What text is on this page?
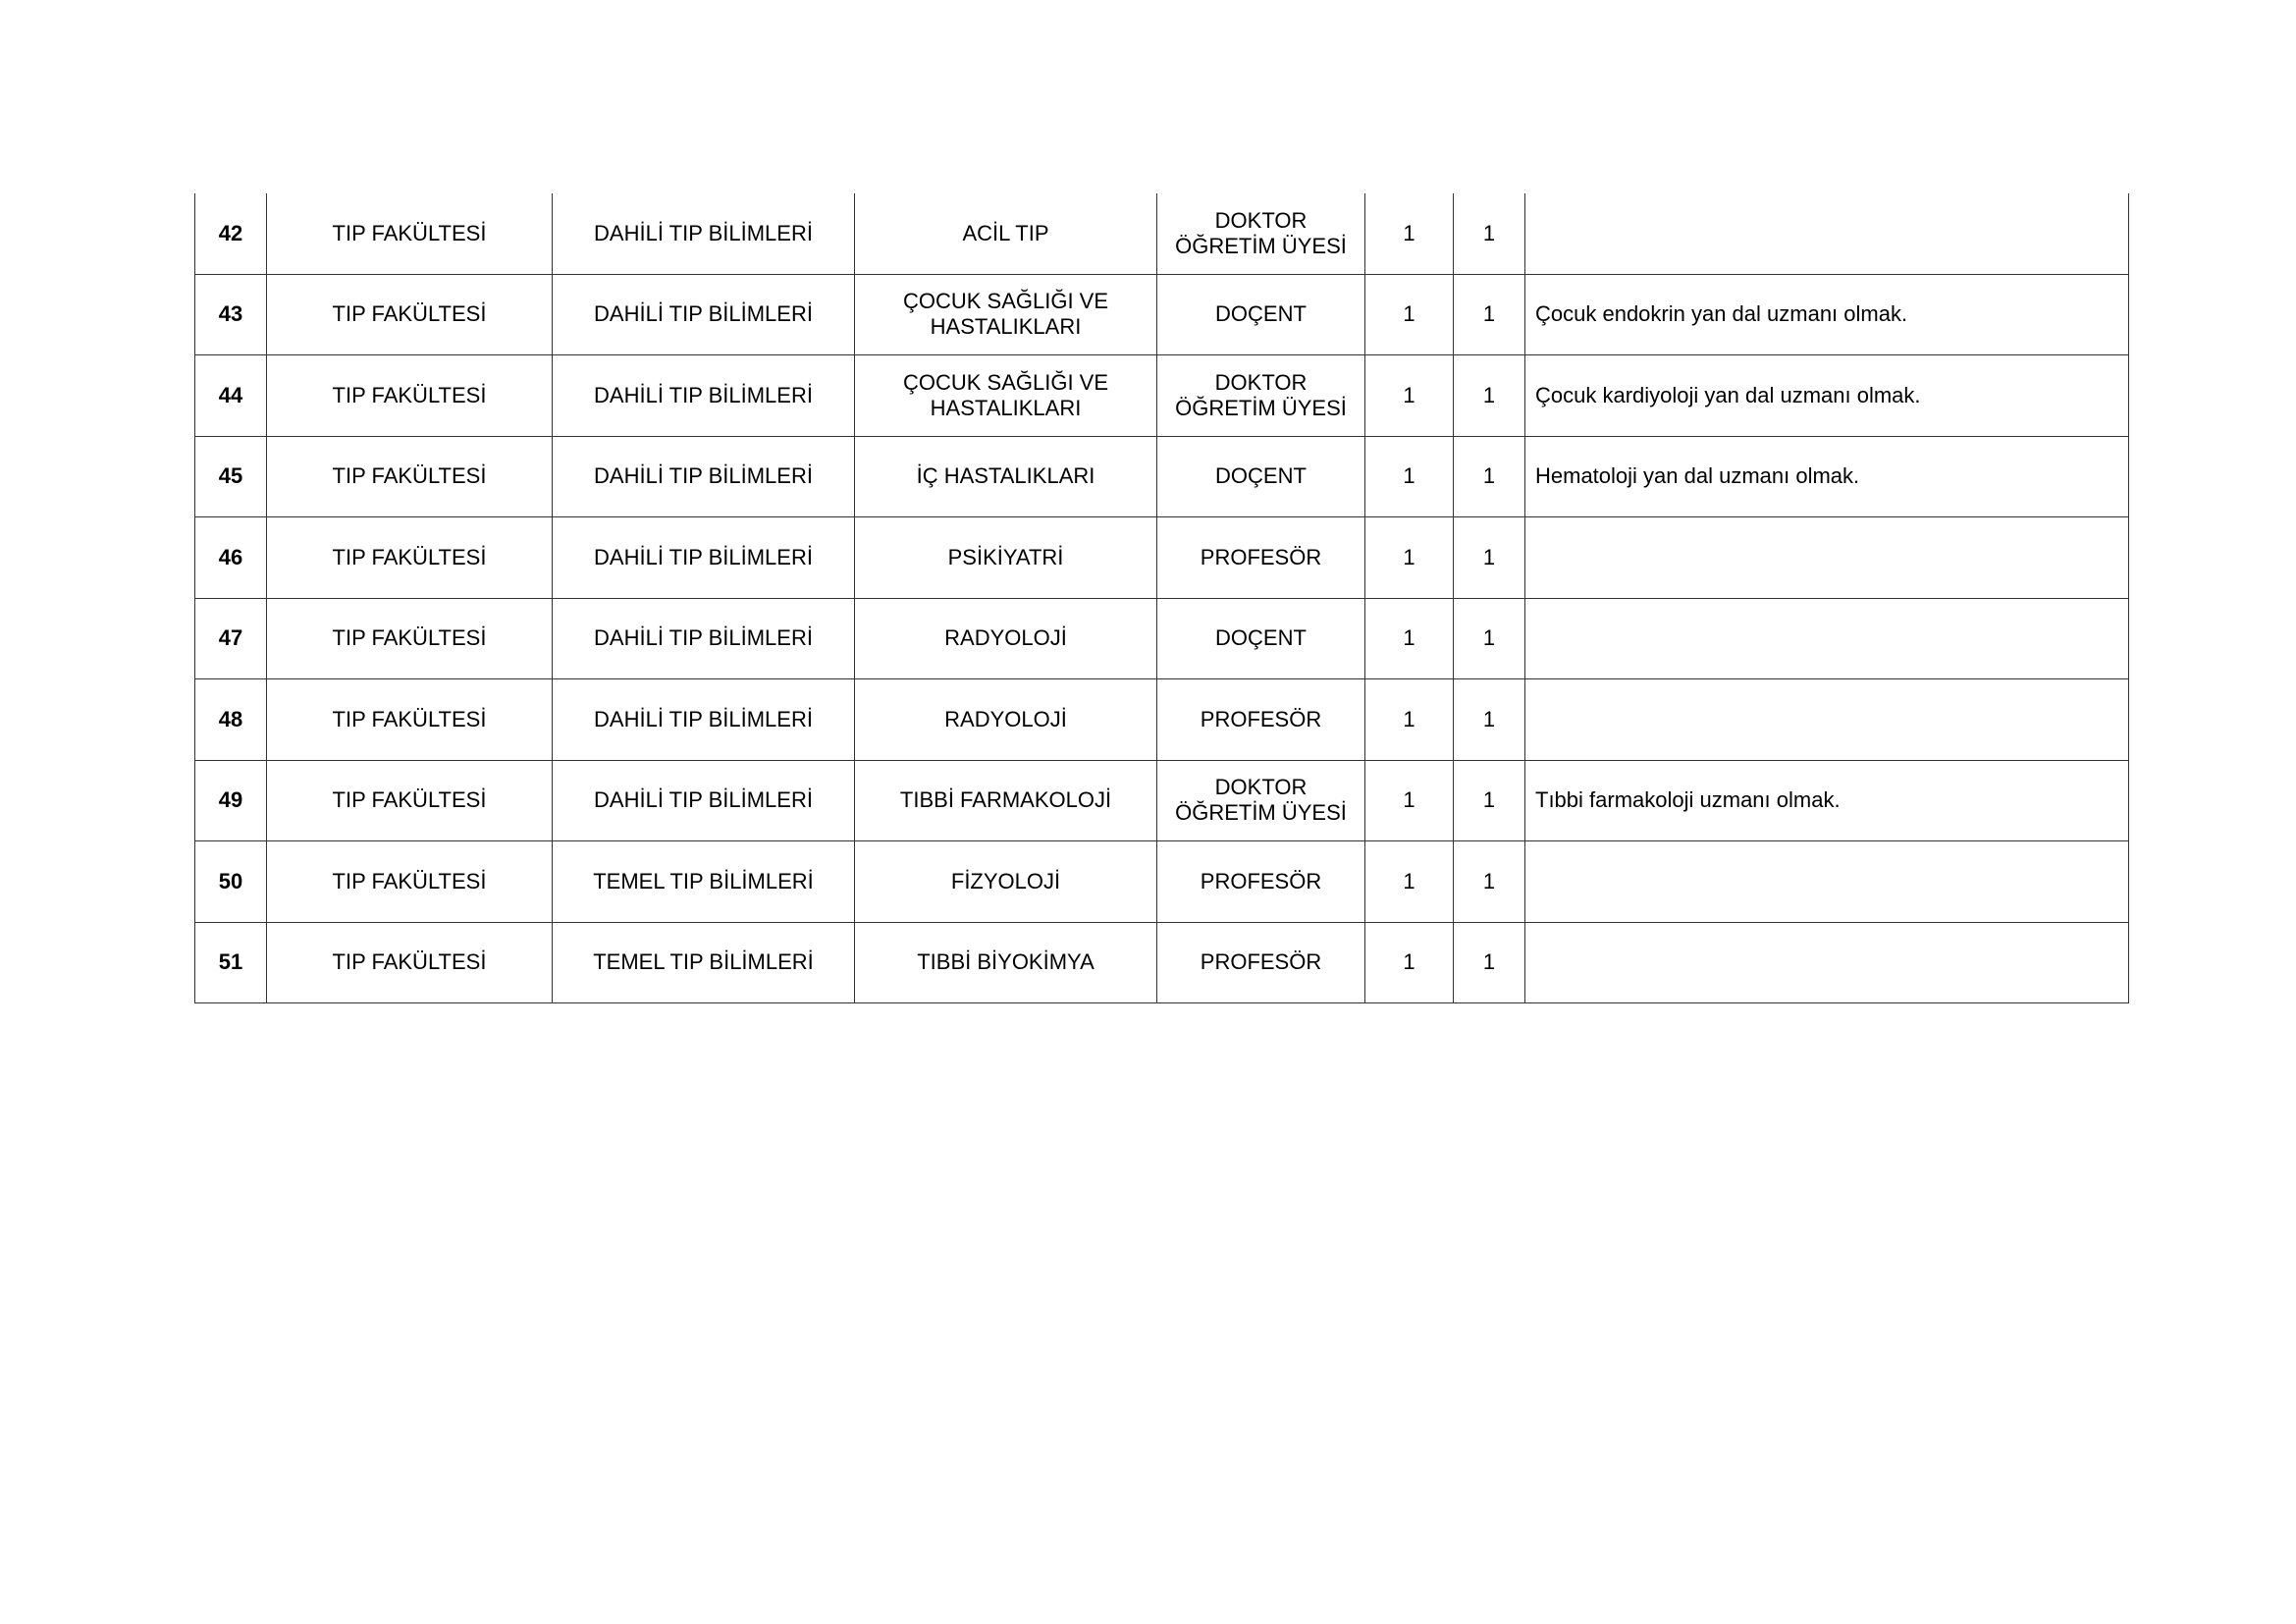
42	TIP FAKÜLTESİ	DAHİLİ TIP BİLİMLERİ	ACİL TIP	DOKTOR
ÖĞRETİM ÜYESİ	1	1	
43	TIP FAKÜLTESİ	DAHİLİ TIP BİLİMLERİ	ÇOCUK SAĞLIĞI VE
HASTALIKLARI	DOÇENT	1	1	Çocuk endokrin yan dal uzmanı olmak.
44	TIP FAKÜLTESİ	DAHİLİ TIP BİLİMLERİ	ÇOCUK SAĞLIĞI VE
HASTALIKLARI	DOKTOR
ÖĞRETİM ÜYESİ	1	1	Çocuk kardiyoloji yan dal uzmanı olmak.
45	TIP FAKÜLTESİ	DAHİLİ TIP BİLİMLERİ	İÇ HASTALIKLARI	DOÇENT	1	1	Hematoloji yan dal uzmanı olmak.
46	TIP FAKÜLTESİ	DAHİLİ TIP BİLİMLERİ	PSİKİYATRİ	PROFESÖR	1	1	
47	TIP FAKÜLTESİ	DAHİLİ TIP BİLİMLERİ	RADYOLOJİ	DOÇENT	1	1	
48	TIP FAKÜLTESİ	DAHİLİ TIP BİLİMLERİ	RADYOLOJİ	PROFESÖR	1	1	
49	TIP FAKÜLTESİ	DAHİLİ TIP BİLİMLERİ	TIBBİ FARMAKOLOJİ	DOKTOR
ÖĞRETİM ÜYESİ	1	1	Tıbbi farmakoloji uzmanı olmak.
50	TIP FAKÜLTESİ	TEMEL TIP BİLİMLERİ	FİZYOLOJİ	PROFESÖR	1	1	
51	TIP FAKÜLTESİ	TEMEL TIP BİLİMLERİ	TIBBİ BİYOKİMYA	PROFESÖR	1	1	
